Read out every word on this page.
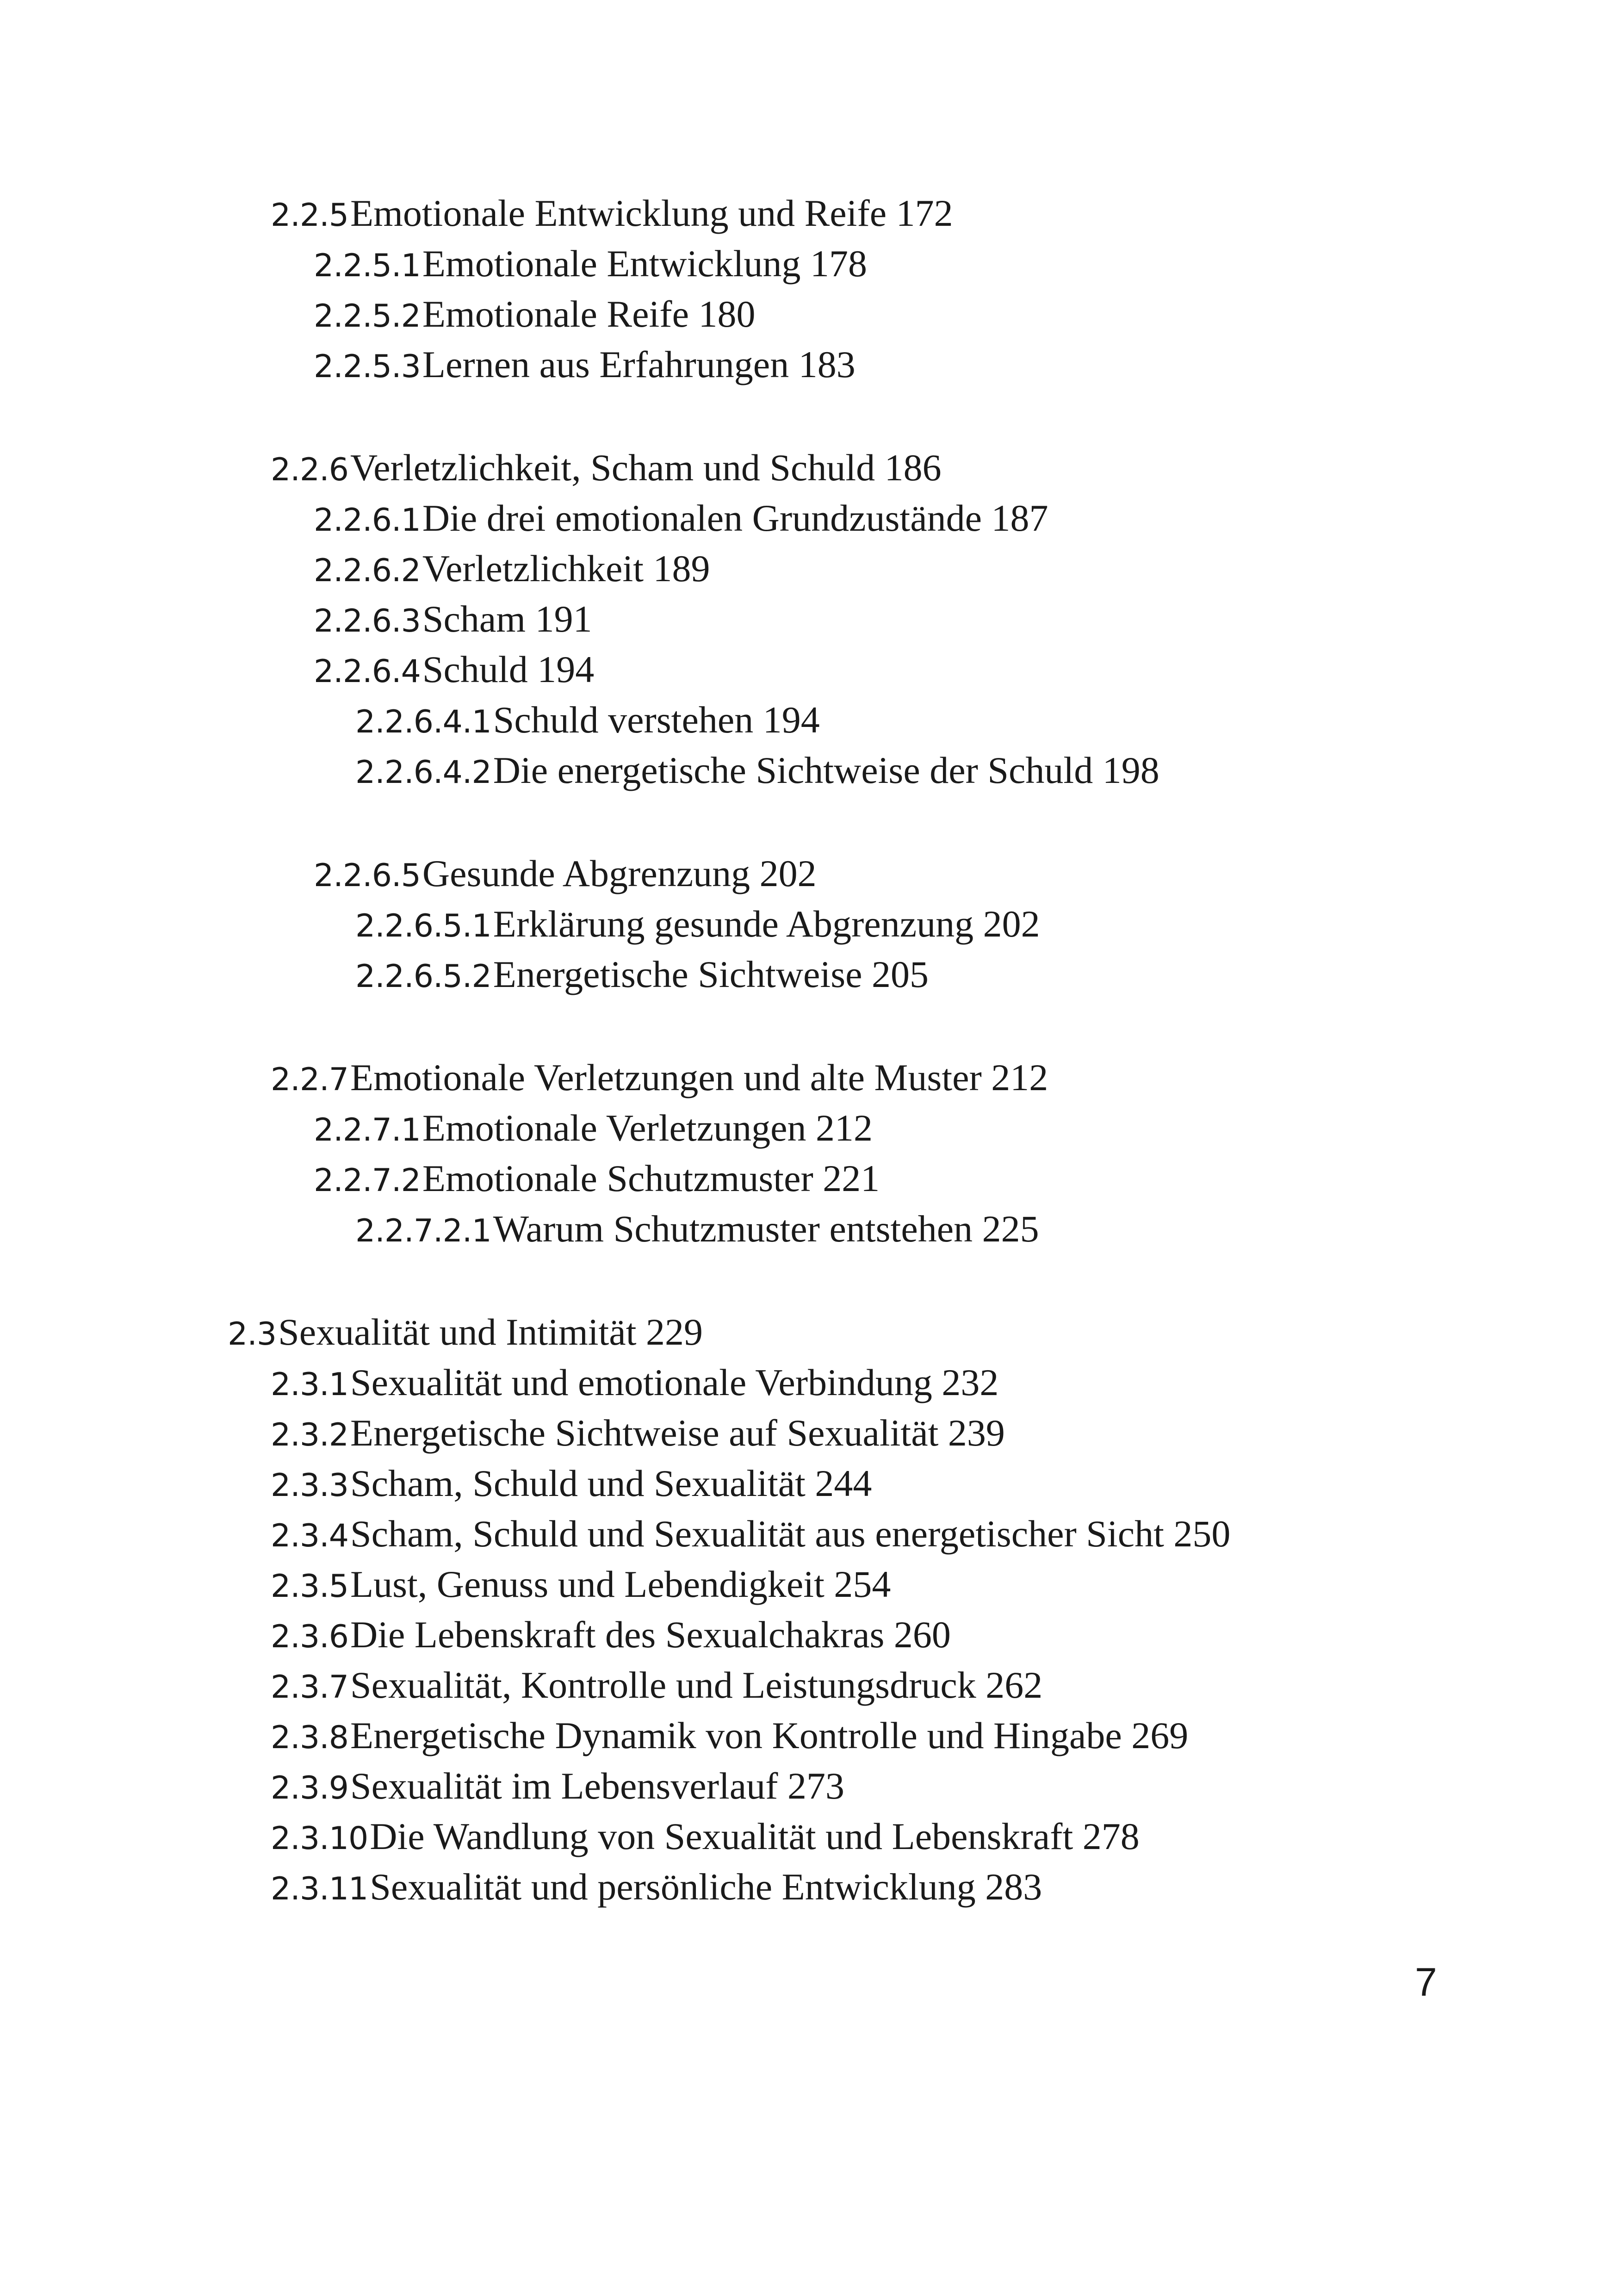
2.2.5 Emotionale Entwicklung und Reife 172
2.2.5.1 Emotionale Entwicklung 178
2.2.5.2 Emotionale Reife 180
2.2.5.3 Lernen aus Erfahrungen 183
2.2.6 Verletzlichkeit, Scham und Schuld 186
2.2.6.1 Die drei emotionalen Grundzustände 187
2.2.6.2 Verletzlichkeit 189
2.2.6.3 Scham 191
2.2.6.4 Schuld 194
2.2.6.4.1 Schuld verstehen 194
2.2.6.4.2 Die energetische Sichtweise der Schuld 198
2.2.6.5 Gesunde Abgrenzung 202
2.2.6.5.1 Erklärung gesunde Abgrenzung 202
2.2.6.5.2 Energetische Sichtweise 205
2.2.7 Emotionale Verletzungen und alte Muster 212
2.2.7.1 Emotionale Verletzungen 212
2.2.7.2 Emotionale Schutzmuster 221
2.2.7.2.1 Warum Schutzmuster entstehen 225
2.3 Sexualität und Intimität 229
2.3.1 Sexualität und emotionale Verbindung 232
2.3.2 Energetische Sichtweise auf Sexualität 239
2.3.3 Scham, Schuld und Sexualität 244
2.3.4 Scham, Schuld und Sexualität aus energetischer Sicht 250
2.3.5 Lust, Genuss und Lebendigkeit 254
2.3.6 Die Lebenskraft des Sexualchakras 260
2.3.7 Sexualität, Kontrolle und Leistungsdruck 262
2.3.8 Energetische Dynamik von Kontrolle und Hingabe 269
2.3.9 Sexualität im Lebensverlauf 273
2.3.10 Die Wandlung von Sexualität und Lebenskraft 278
2.3.11 Sexualität und persönliche Entwicklung 283
7
